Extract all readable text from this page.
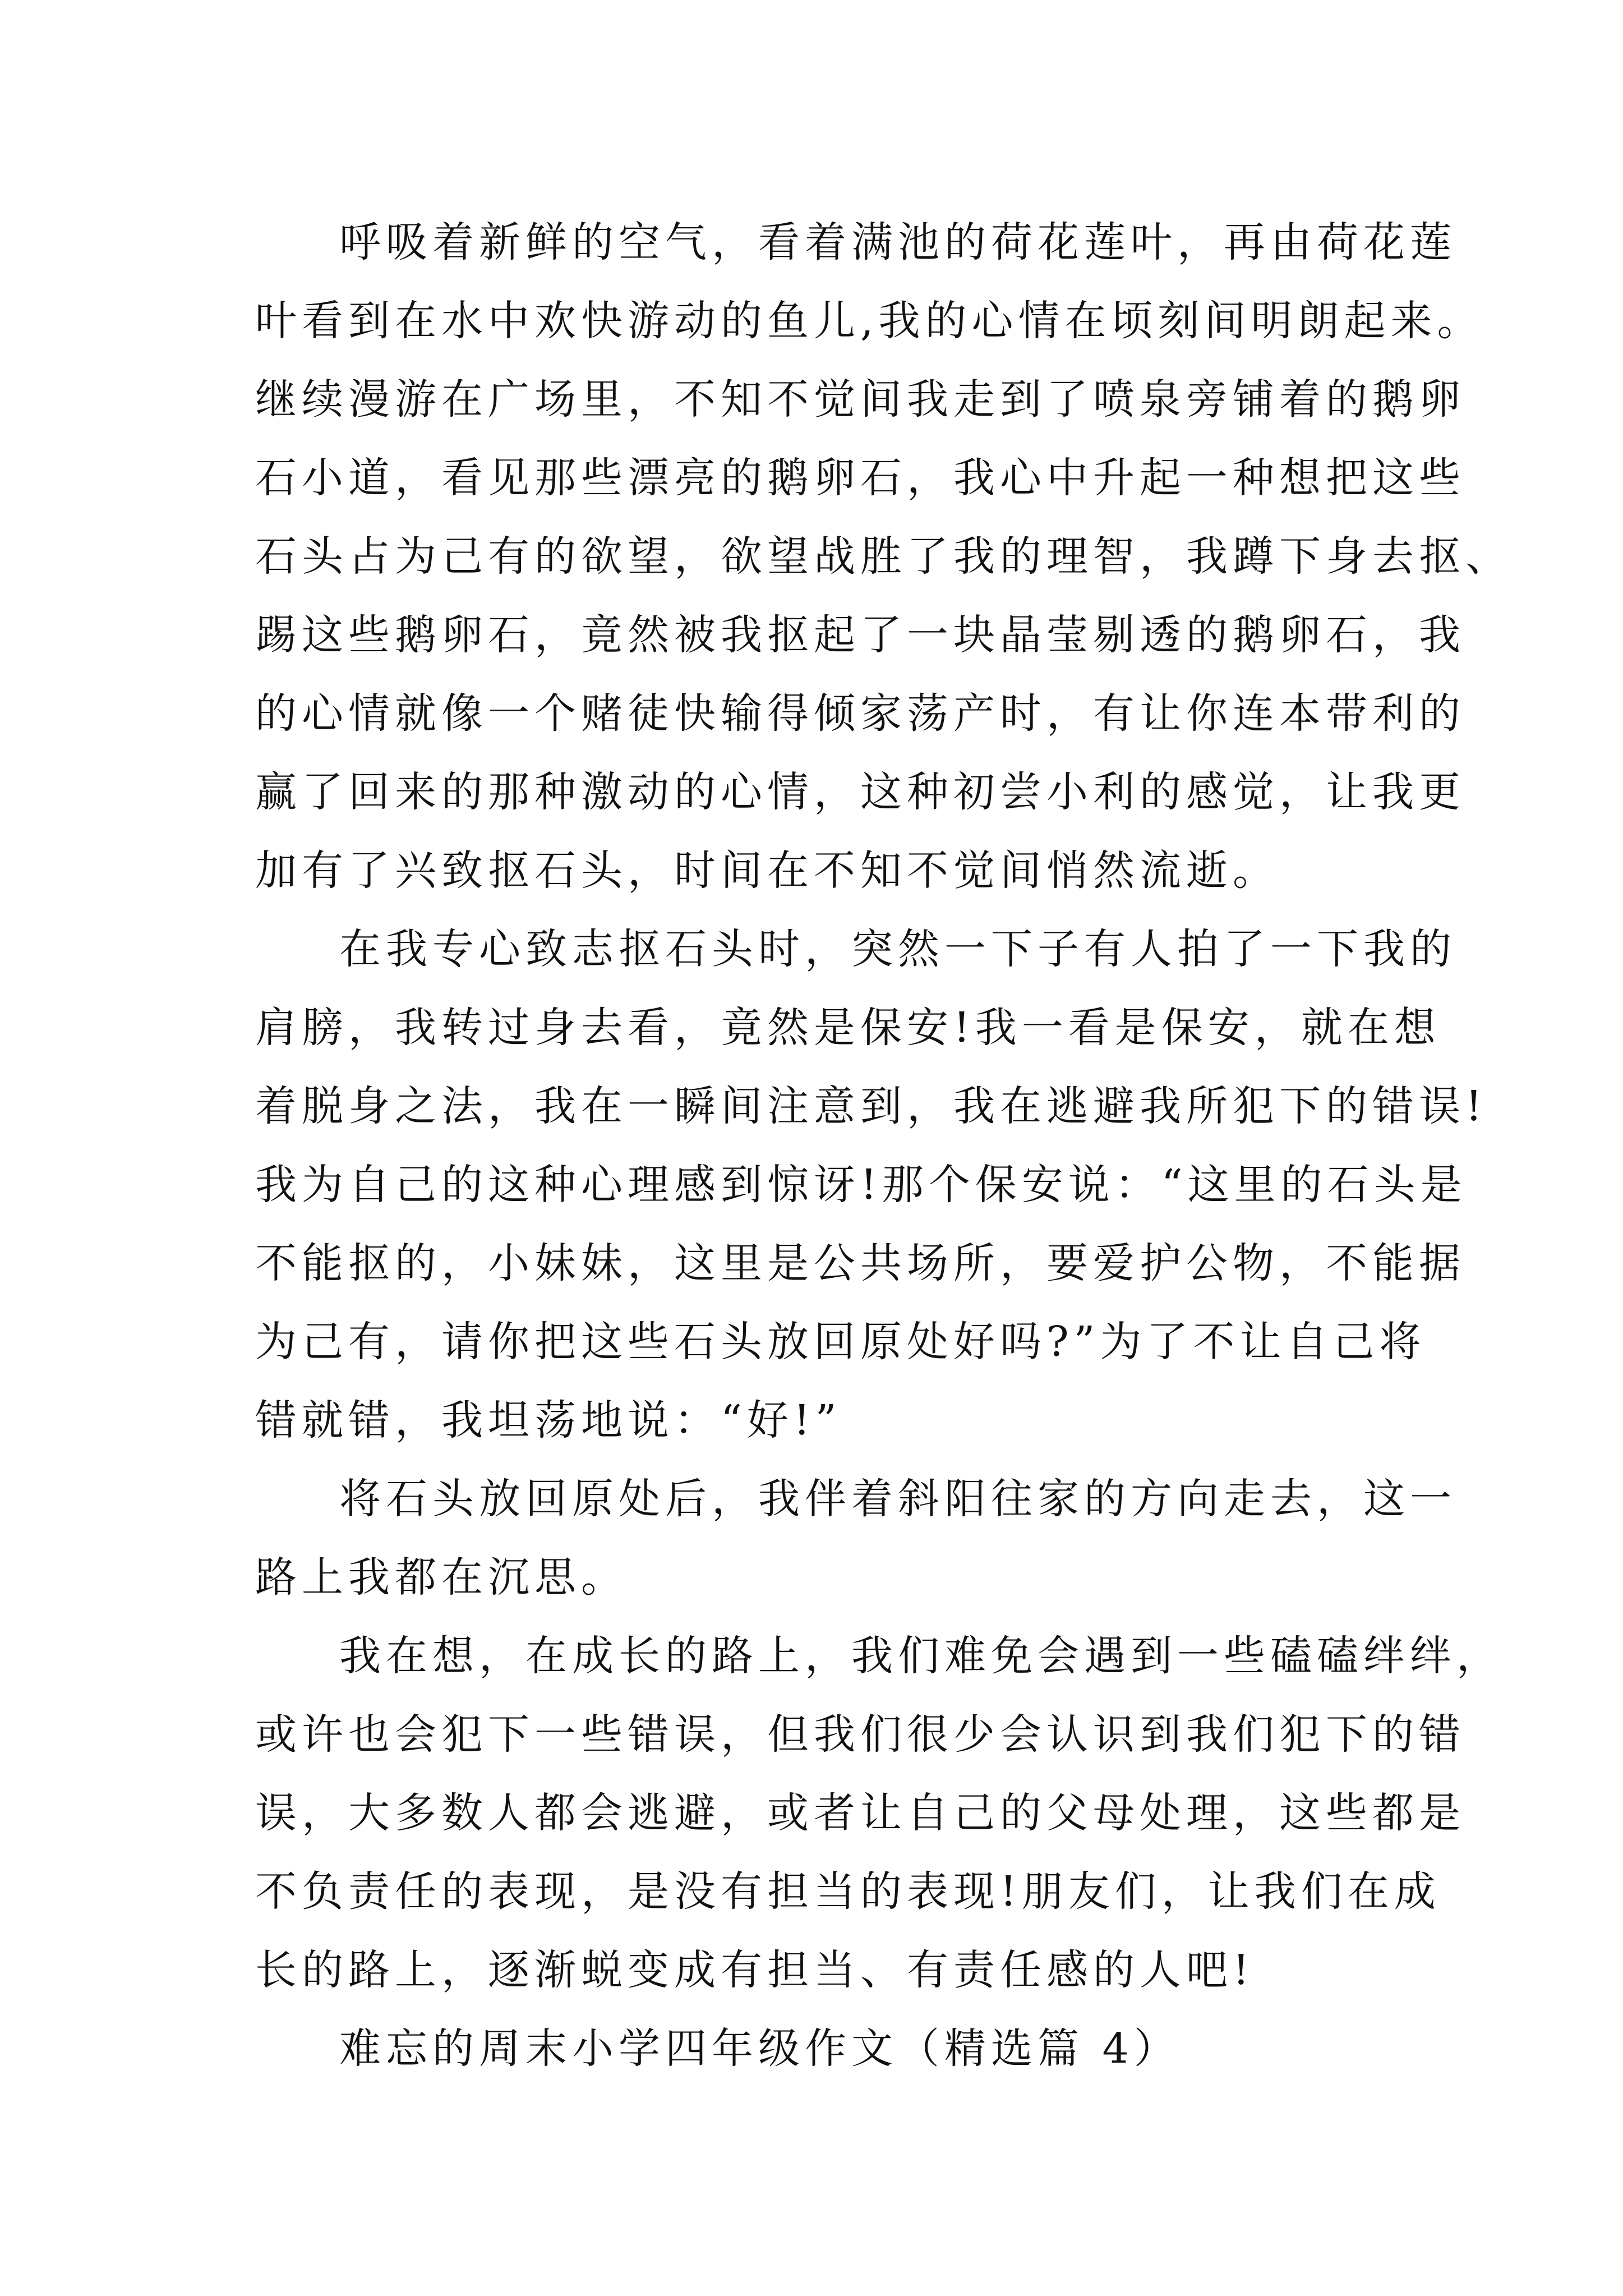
呼吸着新鲜的空气，看着满池的荷花莲叶，再由荷花莲
叶看到在水中欢快游动的鱼儿,我的心情在顷刻间明朗起来。
继续漫游在广场里，不知不觉间我走到了喷泉旁铺着的鹅卵
石小道，看见那些漂亮的鹅卵石，我心中升起一种想把这些
石头占为己有的欲望，欲望战胜了我的理智，我蹲下身去抠、
踢这些鹅卵石，竟然被我抠起了一块晶莹剔透的鹅卵石，我
的心情就像一个赌徒快输得倾家荡产时，有让你连本带利的
赢了回来的那种激动的心情，这种初尝小利的感觉，让我更
加有了兴致抠石头，时间在不知不觉间悄然流逝。
在我专心致志抠石头时，突然一下子有人拍了一下我的
肩膀，我转过身去看，竟然是保安!我一看是保安，就在想
着脱身之法，我在一瞬间注意到，我在逃避我所犯下的错误!
我为自己的这种心理感到惊讶!那个保安说：“这里的石头是
不能抠的，小妹妹，这里是公共场所，要爱护公物，不能据
为己有，请你把这些石头放回原处好吗?”为了不让自己将
错就错，我坦荡地说：“好!”
将石头放回原处后，我伴着斜阳往家的方向走去，这一
路上我都在沉思。
我在想，在成长的路上，我们难免会遇到一些磕磕绊绊，
或许也会犯下一些错误，但我们很少会认识到我们犯下的错
误，大多数人都会逃避，或者让自己的父母处理，这些都是
不负责任的表现，是没有担当的表现!朋友们，让我们在成
长的路上，逐渐蜕变成有担当、有责任感的人吧!
难忘的周末小学四年级作文（精选篇 4）
